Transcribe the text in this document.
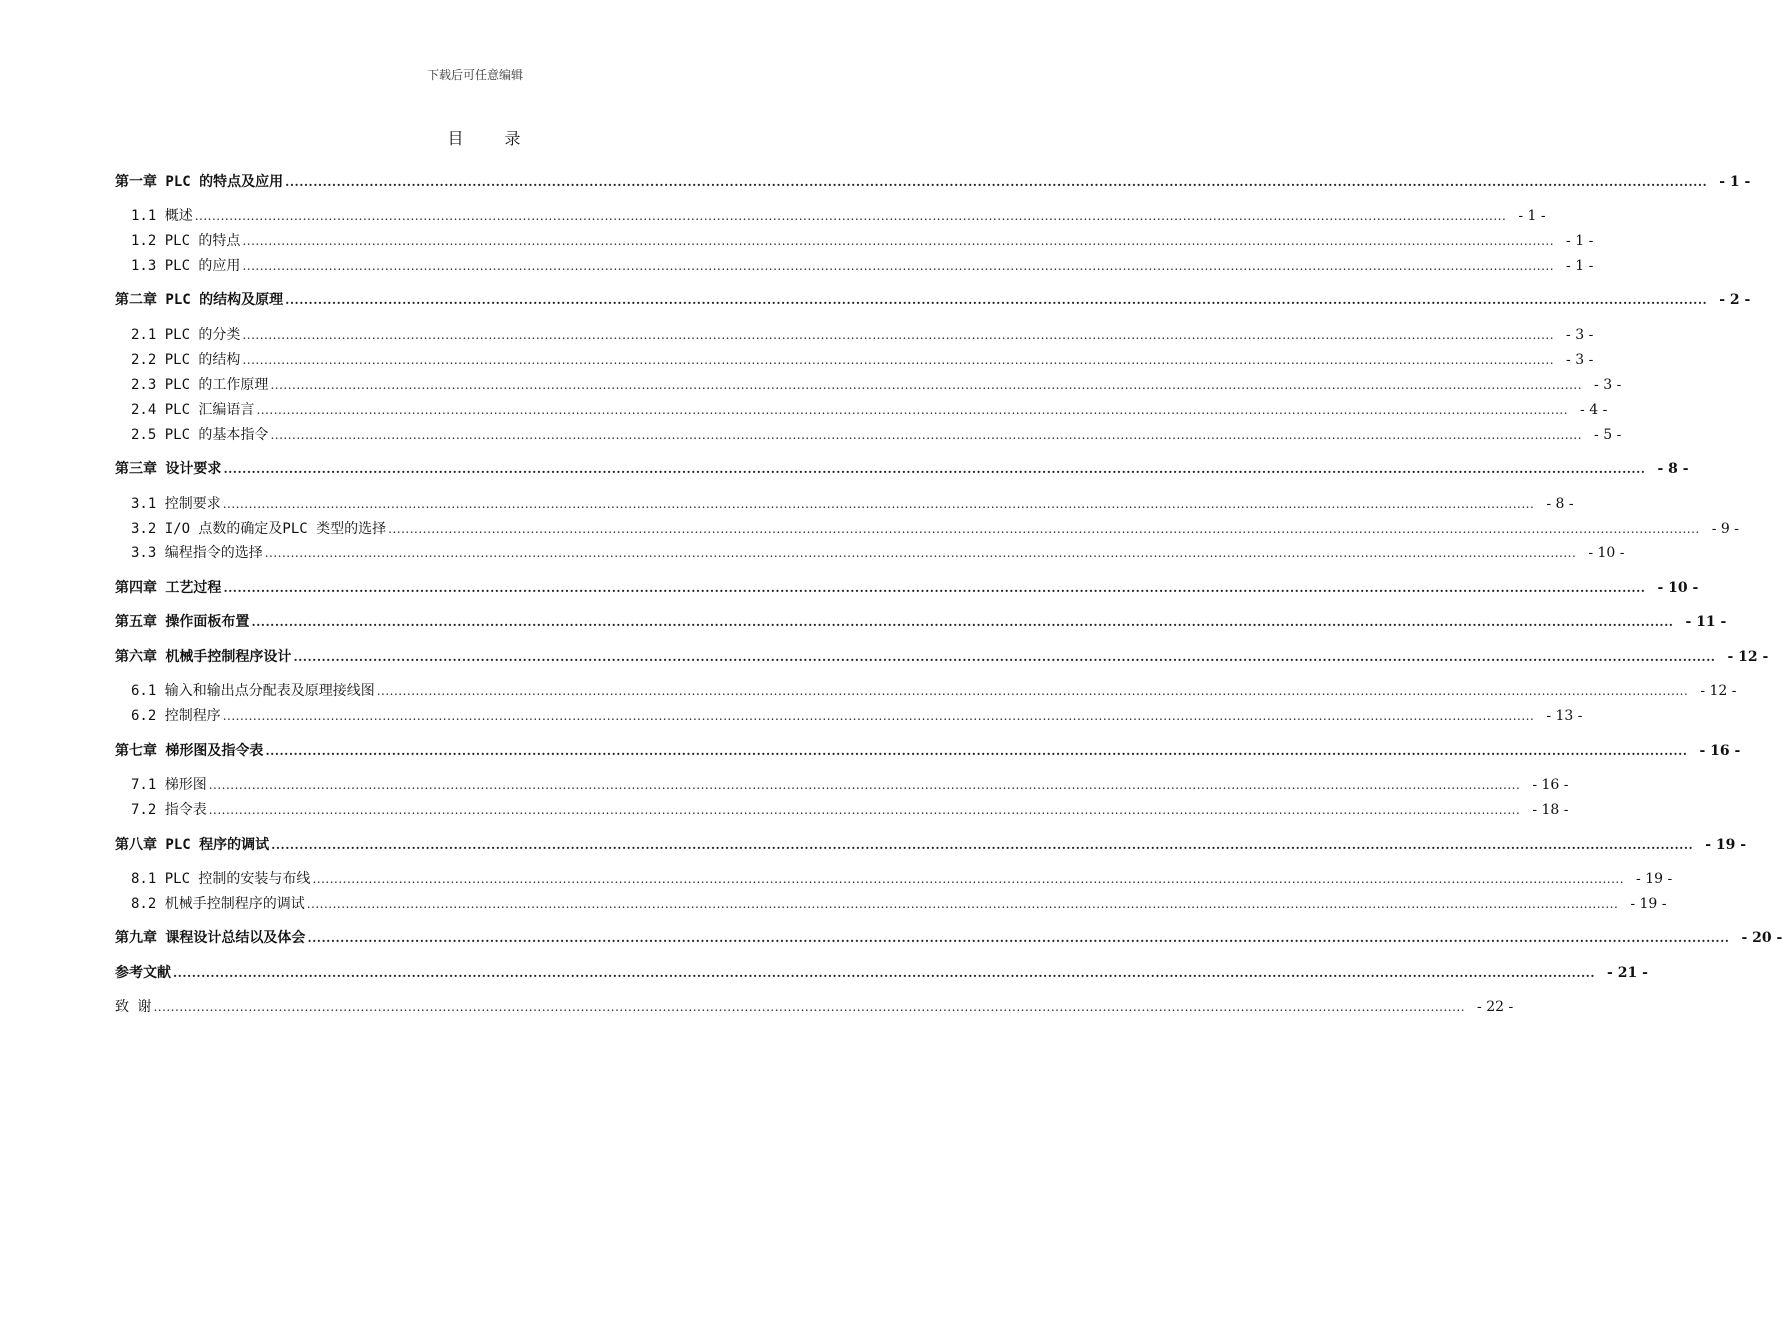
下载后可任意编辑
目 录
第一章 PLC 的特点及应用 ................................................................................................................................................................................................................................................................................................................ - 1 -
1.1 概述 ................................................................................................................................................................................................................................................................................................................ - 1 -
1.2 PLC 的特点 ................................................................................................................................................................................................................................................................................................................ - 1 -
1.3 PLC 的应用 ................................................................................................................................................................................................................................................................................................................ - 1 -
第二章 PLC 的结构及原理 ................................................................................................................................................................................................................................................................................................................ - 2 -
2.1 PLC 的分类 ................................................................................................................................................................................................................................................................................................................ - 3 -
2.2 PLC 的结构 ................................................................................................................................................................................................................................................................................................................ - 3 -
2.3 PLC 的工作原理 ................................................................................................................................................................................................................................................................................................................ - 3 -
2.4 PLC 汇编语言 ................................................................................................................................................................................................................................................................................................................ - 4 -
2.5 PLC 的基本指令 ................................................................................................................................................................................................................................................................................................................ - 5 -
第三章 设计要求 ................................................................................................................................................................................................................................................................................................................ - 8 -
3.1 控制要求 ................................................................................................................................................................................................................................................................................................................ - 8 -
3.2 I/O 点数的确定及PLC 类型的选择 ................................................................................................................................................................................................................................................................................................................ - 9 -
3.3 编程指令的选择 ................................................................................................................................................................................................................................................................................................................ - 10 -
第四章 工艺过程 ................................................................................................................................................................................................................................................................................................................ - 10 -
第五章 操作面板布置 ................................................................................................................................................................................................................................................................................................................ - 11 -
第六章 机械手控制程序设计 ................................................................................................................................................................................................................................................................................................................ - 12 -
6.1 输入和输出点分配表及原理接线图 ................................................................................................................................................................................................................................................................................................................ - 12 -
6.2 控制程序 ................................................................................................................................................................................................................................................................................................................ - 13 -
第七章 梯形图及指令表 ................................................................................................................................................................................................................................................................................................................ - 16 -
7.1 梯形图 ................................................................................................................................................................................................................................................................................................................ - 16 -
7.2 指令表 ................................................................................................................................................................................................................................................................................................................ - 18 -
第八章 PLC 程序的调试 ................................................................................................................................................................................................................................................................................................................ - 19 -
8.1 PLC 控制的安装与布线 ................................................................................................................................................................................................................................................................................................................ - 19 -
8.2 机械手控制程序的调试 ................................................................................................................................................................................................................................................................................................................ - 19 -
第九章 课程设计总结以及体会 ................................................................................................................................................................................................................................................................................................................ - 20 -
参考文献 ................................................................................................................................................................................................................................................................................................................ - 21 -
致 谢 ................................................................................................................................................................................................................................................................................................................ - 22 -
